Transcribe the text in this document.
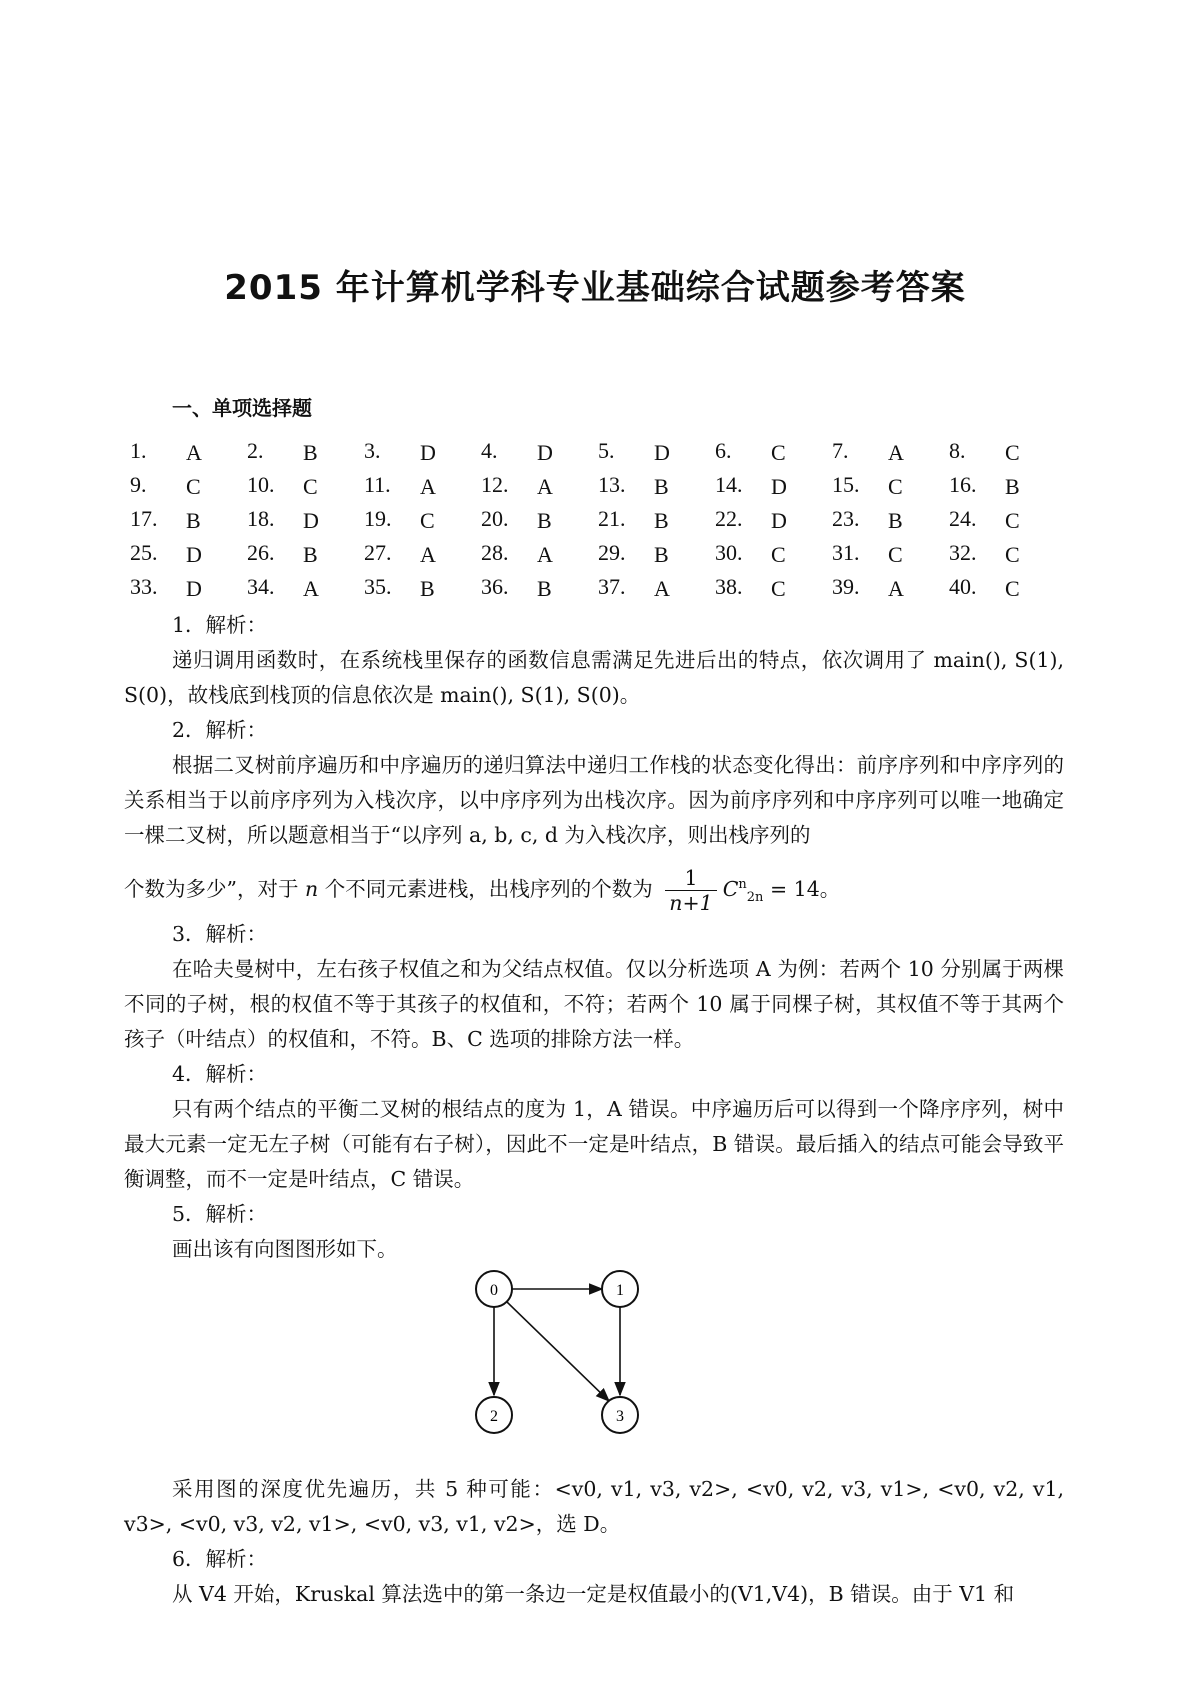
2015 年计算机学科专业基础综合试题参考答案
一、单项选择题
1. A 2. B 3. D 4. D 5. D 6. C 7. A 8. C
9. C 10. C 11. A 12. A 13. B 14. D 15. C 16. B
17. B 18. D 19. C 20. B 21. B 22. D 23. B 24. C
25. D 26. B 27. A 28. A 29. B 30. C 31. C 32. C
33. D 34. A 35. B 36. B 37. A 38. C 39. A 40. C

1．解析：

递归调用函数时，在系统栈里保存的函数信息需满足先进后出的特点，依次调用了 main(), S(1), S(0)，故栈底到栈顶的信息依次是 main(), S(1), S(0)。

2．解析：

根据二叉树前序遍历和中序遍历的递归算法中递归工作栈的状态变化得出：前序序列和中序序列的关系相当于以前序序列为入栈次序，以中序序列为出栈次序。因为前序序列和中序序列可以唯一地确定一棵二叉树，所以题意相当于“以序列 a, b, c, d 为入栈次序，则出栈序列的

个数为多少”，对于 n 个不同元素进栈，出栈序列的个数为 $\frac{1}{n+1} C^n_{2n} = 14$。

3．解析：

在哈夫曼树中，左右孩子权值之和为父结点权值。仅以分析选项 A 为例：若两个 10 分别属于两棵不同的子树，根的权值不等于其孩子的权值和，不符；若两个 10 属于同棵子树，其权值不等于其两个孩子（叶结点）的权值和，不符。B、C 选项的排除方法一样。

4．解析：

只有两个结点的平衡二叉树的根结点的度为 1，A 错误。中序遍历后可以得到一个降序序列，树中最大元素一定无左子树（可能有右子树），因此不一定是叶结点，B 错误。最后插入的结点可能会导致平衡调整，而不一定是叶结点，C 错误。

5．解析：

画出该有向图图形如下。

0	1
2	3

采用图的深度优先遍历，共 5 种可能：<v0, v1, v3, v2>, <v0, v2, v3, v1>, <v0, v2, v1, v3>, <v0, v3, v2, v1>, <v0, v3, v1, v2>，选 D。

6．解析：

从 V4 开始，Kruskal 算法选中的第一条边一定是权值最小的(V1,V4)，B 错误。由于 V1 和
